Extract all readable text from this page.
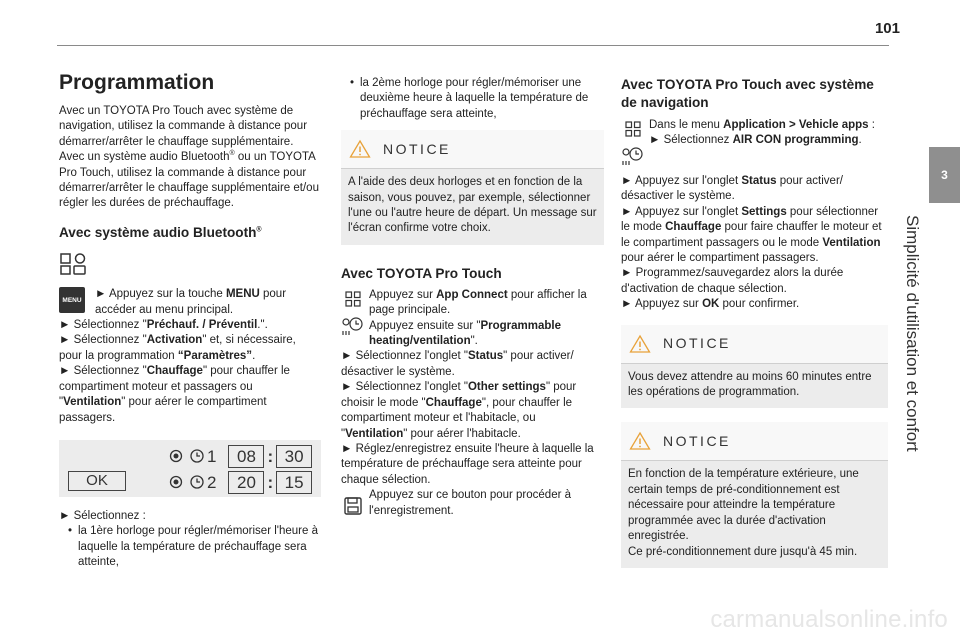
101
3
Simplicité d'utilisation et confort
Programmation

Avec un TOYOTA Pro Touch avec système de navigation, utilisez la commande à distance pour démarrer/arrêter le chauffage supplémentaire.

Avec un système audio Bluetooth® ou un TOYOTA Pro Touch, utilisez la commande à distance pour démarrer/arrêter le chauffage supplémentaire et/ou régler les durées de préchauffage.

Avec système audio Bluetooth®
MENU	► Appuyez sur la touche MENU pour accéder au menu principal.

► Sélectionnez "Préchauf. / Préventil.".

► Sélectionnez "Activation" et, si nécessaire, pour la programmation “Paramètres”.

► Sélectionnez "Chauffage" pour chauffer le compartiment moteur et passagers ou

"Ventilation" pour aérer le compartiment passagers.

OK
1	08 : 30
2	20 : 15

► Sélectionnez :

• la 1ère horloge pour régler/mémoriser l'heure à laquelle la température de préchauffage sera atteinte,
• la 2ème horloge pour régler/mémoriser une deuxième heure à laquelle la température de préchauffage sera atteinte,
NOTICE

A l'aide des deux horloges et en fonction de la saison, vous pouvez, par exemple, sélectionner l'une ou l'autre heure de départ. Un message sur l'écran confirme votre choix.

Avec TOYOTA Pro Touch

Appuyez sur App Connect pour afficher la page principale.

Appuyez ensuite sur "Programmable heating/ventilation".

► Sélectionnez l'onglet "Status" pour activer/ désactiver le système.

► Sélectionnez l'onglet "Other settings" pour choisir le mode "Chauffage", pour chauffer le compartiment moteur et l'habitacle, ou

"Ventilation" pour aérer l'habitacle.

► Réglez/enregistrez ensuite l'heure à laquelle la température de préchauffage sera atteinte pour chaque sélection.

Appuyez sur ce bouton pour procéder à l'enregistrement.

Avec TOYOTA Pro Touch avec système de navigation

Dans le menu Application > Vehicle apps :

► Sélectionnez AIR CON programming.

► Appuyez sur l'onglet Status pour activer/ désactiver le système.

► Appuyez sur l'onglet Settings pour sélectionner le mode Chauffage pour faire chauffer le moteur et le compartiment passagers ou le mode Ventilation pour aérer le compartiment passagers.

► Programmez/sauvegardez alors la durée d'activation de chaque sélection.

► Appuyez sur OK pour confirmer.

NOTICE

Vous devez attendre au moins 60 minutes entre les opérations de programmation.

NOTICE

En fonction de la température extérieure, une certain temps de pré-conditionnement est nécessaire pour atteindre la température programmée avec la durée d'activation enregistrée.

Ce pré-conditionnement dure jusqu'à 45 min.

carmanualsonline.info
